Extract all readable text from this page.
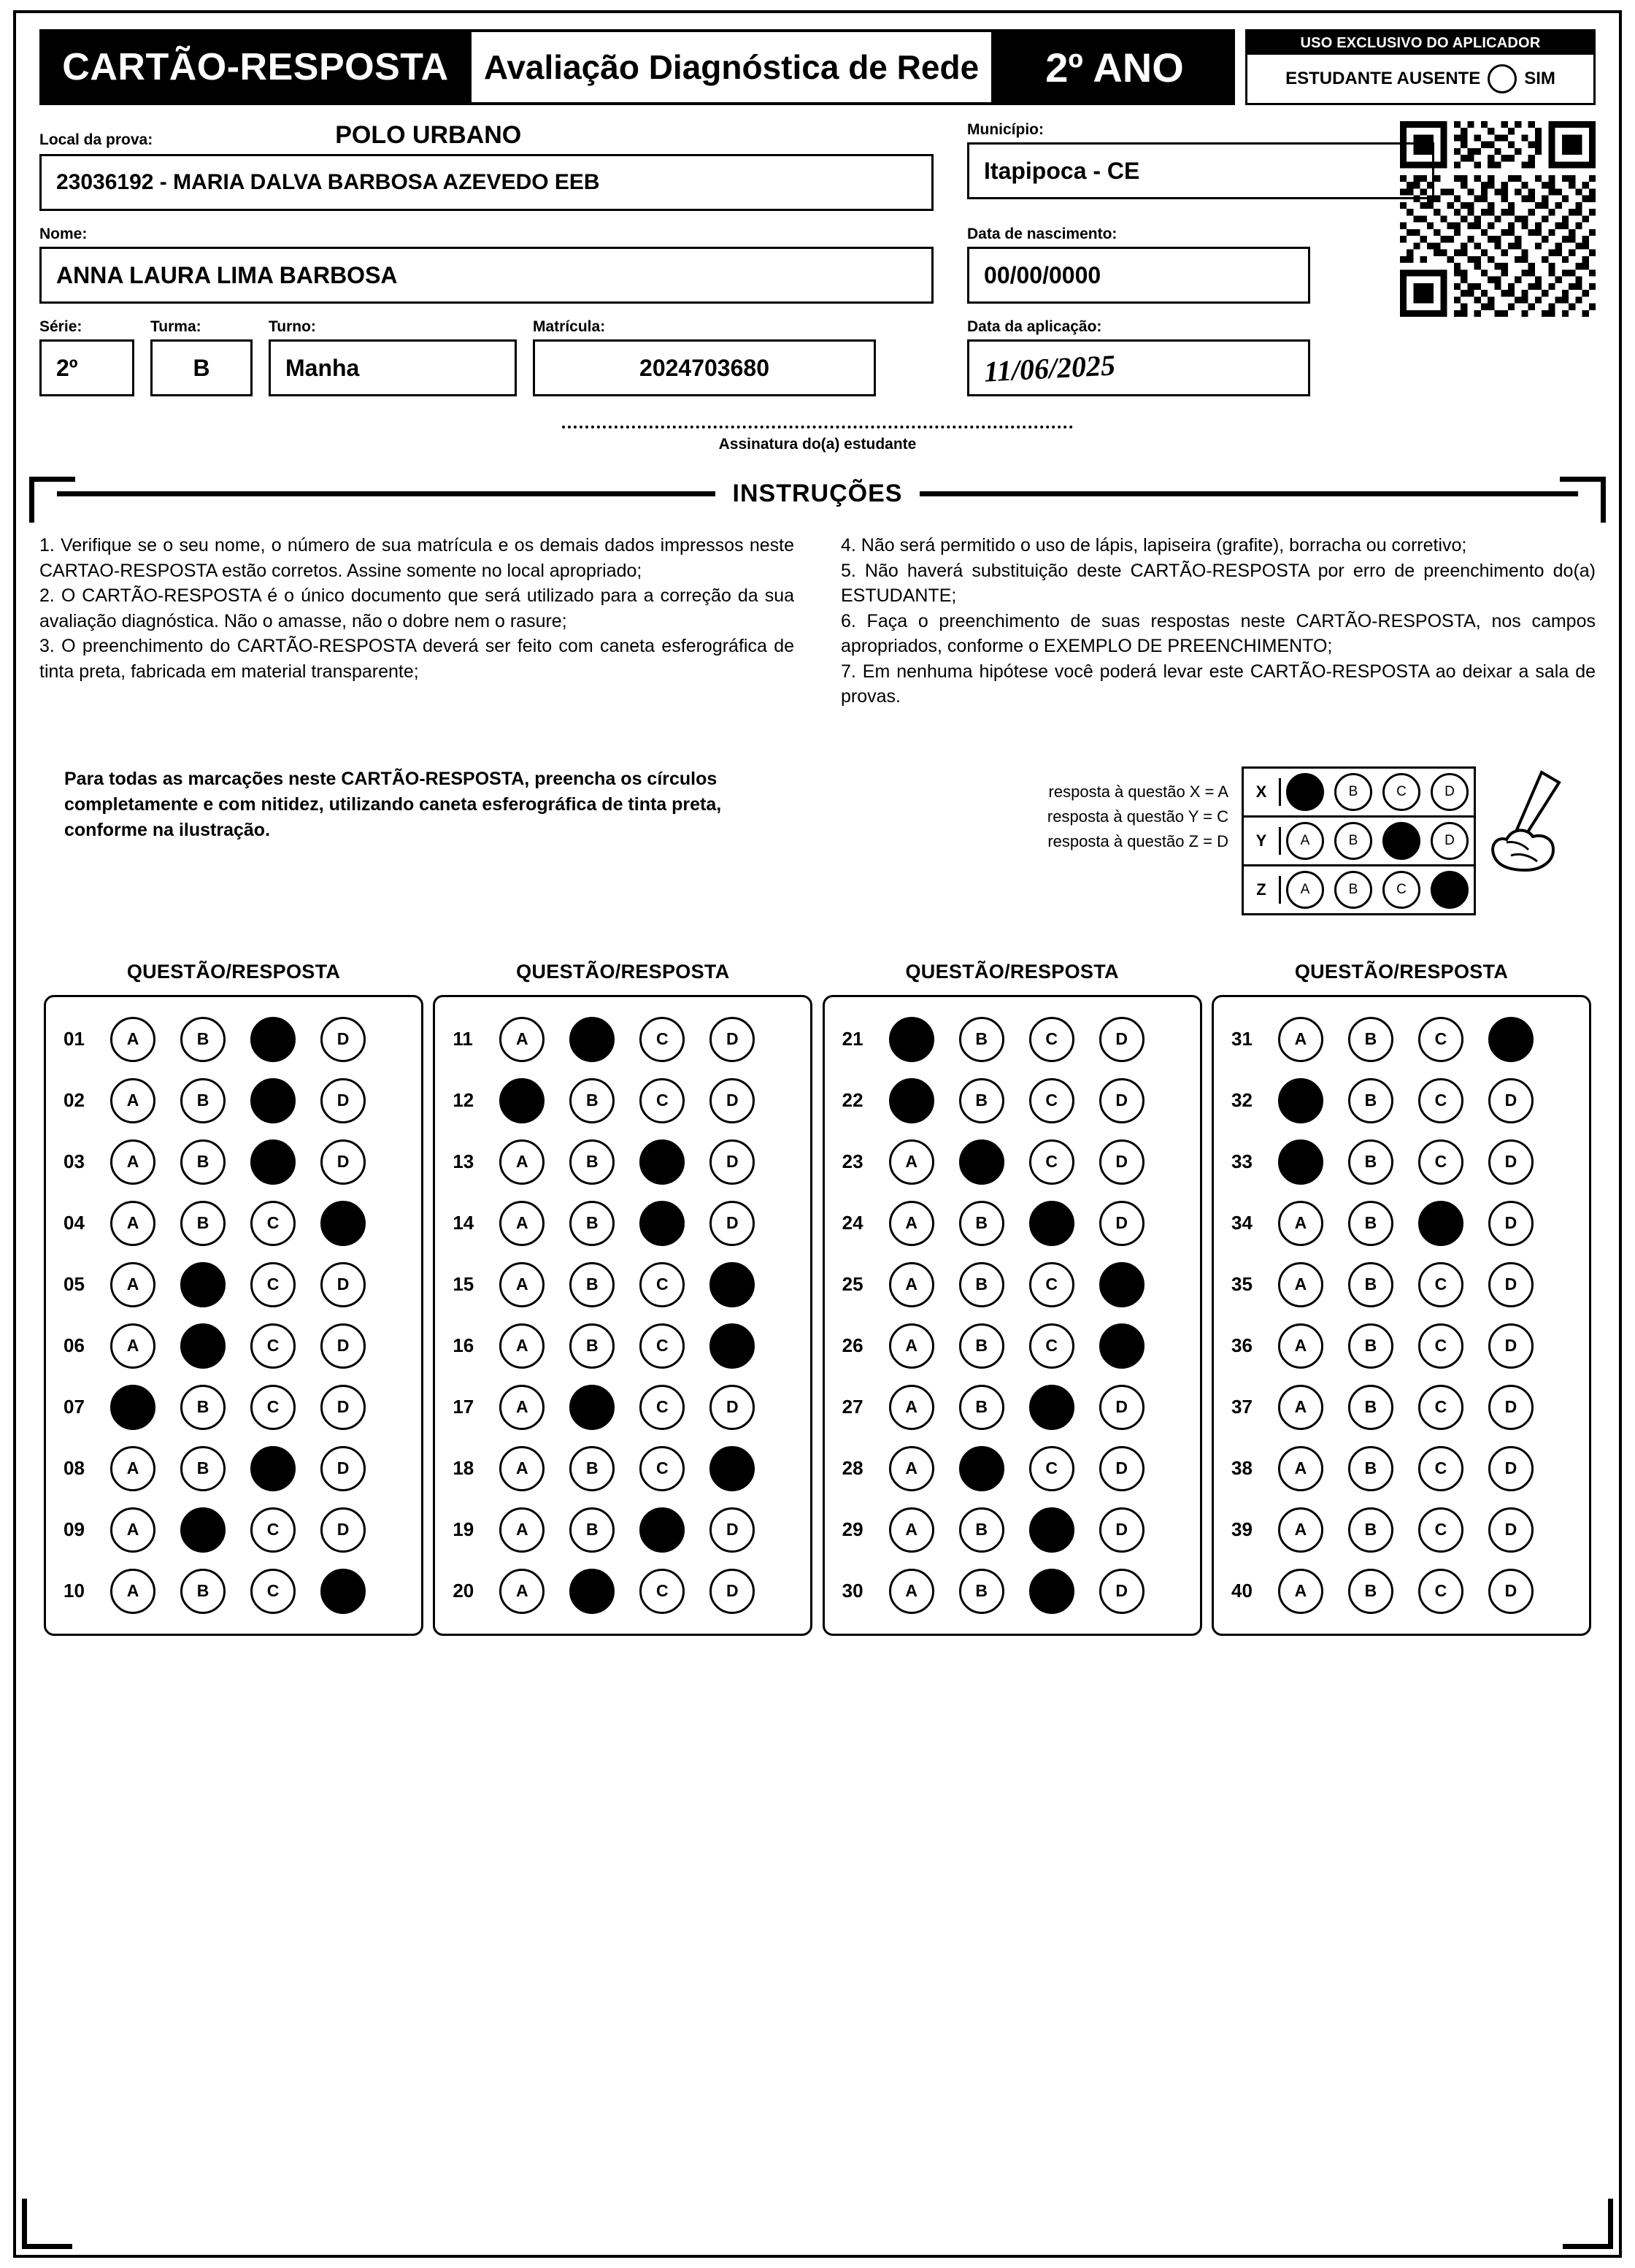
CARTÃO-RESPOSTA	Avaliação Diagnóstica de Rede	2º ANO
USO EXCLUSIVO DO APLICADOR
ESTUDANTE AUSENTE	SIM
Local da prova:	POLO URBANO
23036192 - MARIA DALVA BARBOSA AZEVEDO EEB
Município:
Itapipoca - CE
Nome:
ANNA LAURA LIMA BARBOSA
Data de nascimento:
00/00/0000
Série:
2º
Turma:
B
Turno:
Manha
Matrícula:
2024703680
Data da aplicação:
11/06/2025
Assinatura do(a) estudante
INSTRUÇÕES
1. Verifique se o seu nome, o número de sua matrícula e os demais dados impressos neste CARTAO-RESPOSTA estão corretos. Assine somente no local apropriado;
2. O CARTÃO-RESPOSTA é o único documento que será utilizado para a correção da sua avaliação diagnóstica. Não o amasse, não o dobre nem o rasure;
3. O preenchimento do CARTÃO-RESPOSTA deverá ser feito com caneta esferográfica de tinta preta, fabricada em material transparente;
4. Não será permitido o uso de lápis, lapiseira (grafite), borracha ou corretivo;
5. Não haverá substituição deste CARTÃO-RESPOSTA por erro de preenchimento do(a) ESTUDANTE;
6. Faça o preenchimento de suas respostas neste CARTÃO-RESPOSTA, nos campos apropriados, conforme o EXEMPLO DE PREENCHIMENTO;
7. Em nenhuma hipótese você poderá levar este CARTÃO-RESPOSTA ao deixar a sala de provas.
Para todas as marcações neste CARTÃO-RESPOSTA, preencha os círculos completamente e com nitidez, utilizando caneta esferográfica de tinta preta, conforme na ilustração.
resposta à questão X = A
resposta à questão Y = C
resposta à questão Z = D
X	A	B	C	D
Y	A	B	C	D
Z	A	B	C	D
QUESTÃO/RESPOSTA
01	A	B	C	D
02	A	B	C	D
03	A	B	C	D
04	A	B	C	D
05	A	B	C	D
06	A	B	C	D
07	A	B	C	D
08	A	B	C	D
09	A	B	C	D
10	A	B	C	D
QUESTÃO/RESPOSTA
11	A	B	C	D
12	A	B	C	D
13	A	B	C	D
14	A	B	C	D
15	A	B	C	D
16	A	B	C	D
17	A	B	C	D
18	A	B	C	D
19	A	B	C	D
20	A	B	C	D
QUESTÃO/RESPOSTA
21	A	B	C	D
22	A	B	C	D
23	A	B	C	D
24	A	B	C	D
25	A	B	C	D
26	A	B	C	D
27	A	B	C	D
28	A	B	C	D
29	A	B	C	D
30	A	B	C	D
QUESTÃO/RESPOSTA
31	A	B	C	D
32	A	B	C	D
33	A	B	C	D
34	A	B	C	D
35	A	B	C	D
36	A	B	C	D
37	A	B	C	D
38	A	B	C	D
39	A	B	C	D
40	A	B	C	D
